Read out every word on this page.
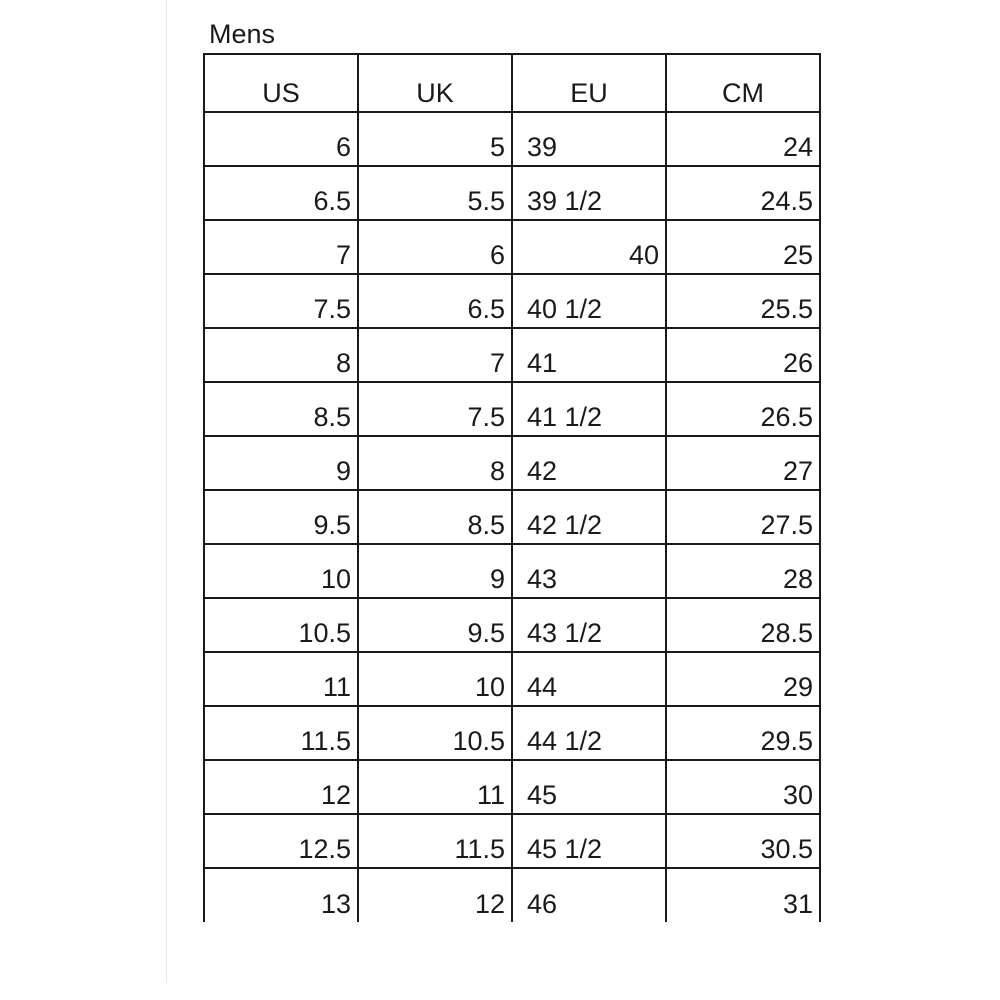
Mens
US	UK	EU	CM
6	5	39	24
6.5	5.5	39 1/2	24.5
7	6	40	25
7.5	6.5	40 1/2	25.5
8	7	41	26
8.5	7.5	41 1/2	26.5
9	8	42	27
9.5	8.5	42 1/2	27.5
10	9	43	28
10.5	9.5	43 1/2	28.5
11	10	44	29
11.5	10.5	44 1/2	29.5
12	11	45	30
12.5	11.5	45 1/2	30.5
13	12	46	31
